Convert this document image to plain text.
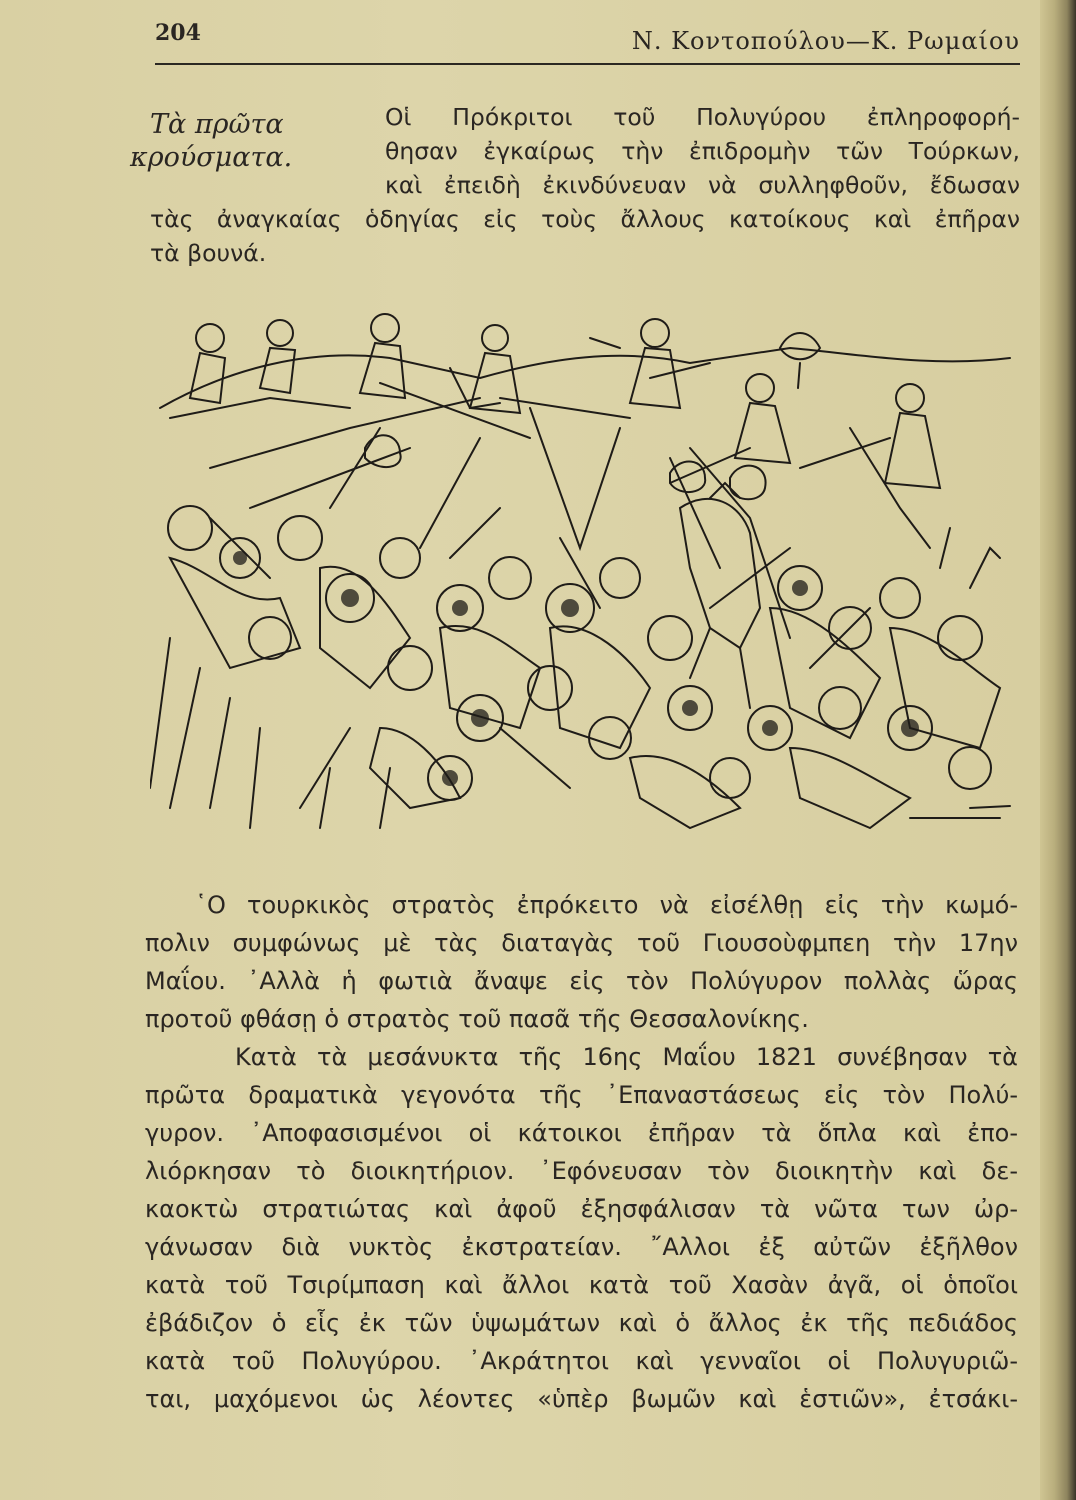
204	Ν. Κοντοπούλου—Κ. Ρωμαίου
Τὰ πρῶτα
κρούσματα.
Οἱ Πρόκριτοι τοῦ Πολυγύρου ἐπληροφορή-
θησαν ἐγκαίρως τὴν ἐπιδρομὴν τῶν Τούρκων,
καὶ ἐπειδὴ ἐκινδύνευαν νὰ συλληφθοῦν, ἔδωσαν
τὰς ἀναγκαίας ὁδηγίας εἰς τοὺς ἄλλους κατοίκους καὶ ἐπῆραν
τὰ βουνά.
῾Ο τουρκικὸς στρατὸς ἐπρόκειτο νὰ εἰσέλθῃ εἰς τὴν κωμό-
πολιν συμφώνως μὲ τὰς διαταγὰς τοῦ Γιουσοὺφμπεη τὴν 17ην
Μαΐου. ᾿Αλλὰ ἡ φωτιὰ ἄναψε εἰς τὸν Πολύγυρον πολλὰς ὥρας
προτοῦ φθάσῃ ὁ στρατὸς τοῦ πασᾶ τῆς Θεσσαλονίκης.
Κατὰ τὰ μεσάνυκτα τῆς 16ης Μαΐου 1821 συνέβησαν τὰ
πρῶτα δραματικὰ γεγονότα τῆς ᾿Επαναστάσεως εἰς τὸν Πολύ-
γυρον. ᾿Αποφασισμένοι οἱ κάτοικοι ἐπῆραν τὰ ὅπλα καὶ ἐπο-
λιόρκησαν τὸ διοικητήριον. ᾿Εφόνευσαν τὸν διοικητὴν καὶ δε-
καοκτὼ στρατιώτας καὶ ἀφοῦ ἐξησφάλισαν τὰ νῶτα των ὠρ-
γάνωσαν διὰ νυκτὸς ἐκστρατείαν. ῎Αλλοι ἐξ αὐτῶν ἐξῆλθον
κατὰ τοῦ Τσιρίμπαση καὶ ἄλλοι κατὰ τοῦ Χασὰν ἀγᾶ, οἱ ὁποῖοι
ἐβάδιζον ὁ εἷς ἐκ τῶν ὑψωμάτων καὶ ὁ ἄλλος ἐκ τῆς πεδιάδος
κατὰ τοῦ Πολυγύρου. ᾿Ακράτητοι καὶ γενναῖοι οἱ Πολυγυριῶ-
ται, μαχόμενοι ὡς λέοντες «ὑπὲρ βωμῶν καὶ ἑστιῶν», ἐτσάκι-
